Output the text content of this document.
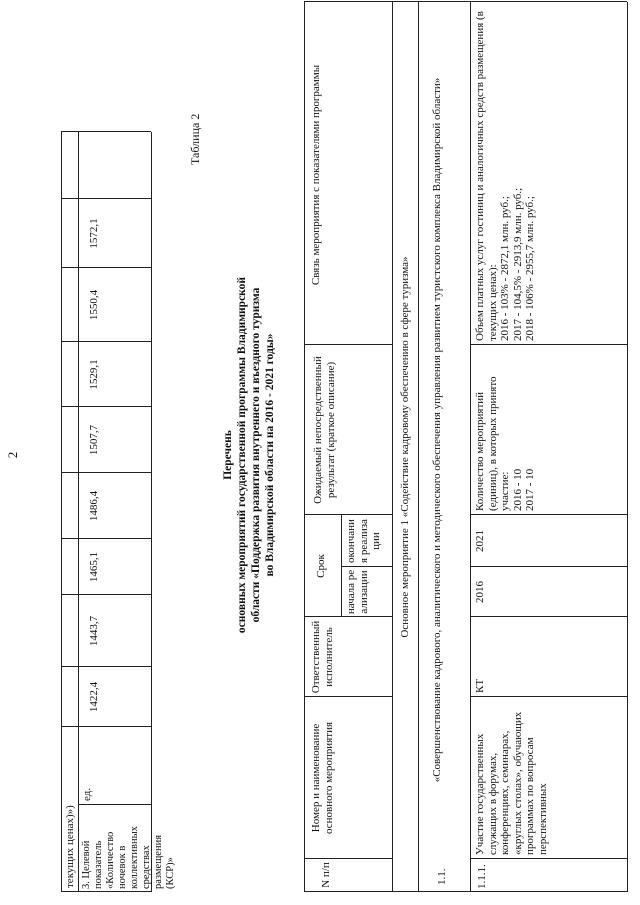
2
текущих ценах)») 3. Целевой показатель «Количество ночевок в коллективных средствах размещения (КСР)»
ед.
1422,4
1443,7
1465,1
1486,4
1507,7
1529,1
1550,4
1572,1
Таблица 2
Перечень основных мероприятий государственной программы Владимирской области «Поддержка развития внутреннего и въездного туризма во Владимирской области на 2016 - 2021 годы»
N п/п
Номер и наименование основного мероприятия
Ответственный исполнитель
Срок
начала реализации
окончания реализации
Ожидаемый непосредственный результат (краткое описание)
Связь мероприятия с показателями программы
Основное мероприятие 1 «Содействие кадровому обеспечению в сфере туризма»
1.1.
«Совершенствование кадрового, аналитического и методического обеспечения управления развитием туристского комплекса Владимирской области»
1.1.1.
Участие государственных служащих в форумах, конференциях, семинарах, «круглых столах», обучающих программах по вопросам перспективных
КТ
2016
2021
Количество мероприятий (единиц), в которых принято участие:
2016 - 10
2017 - 10
Объем платных услуг гостиниц и аналогичных средств размещения (в текущих ценах):
2016 - 103% - 2872,1 млн. руб.;
2017 - 104,5% - 2913,9 млн. руб.;
2018 - 106% - 2955,7 млн. руб.;
